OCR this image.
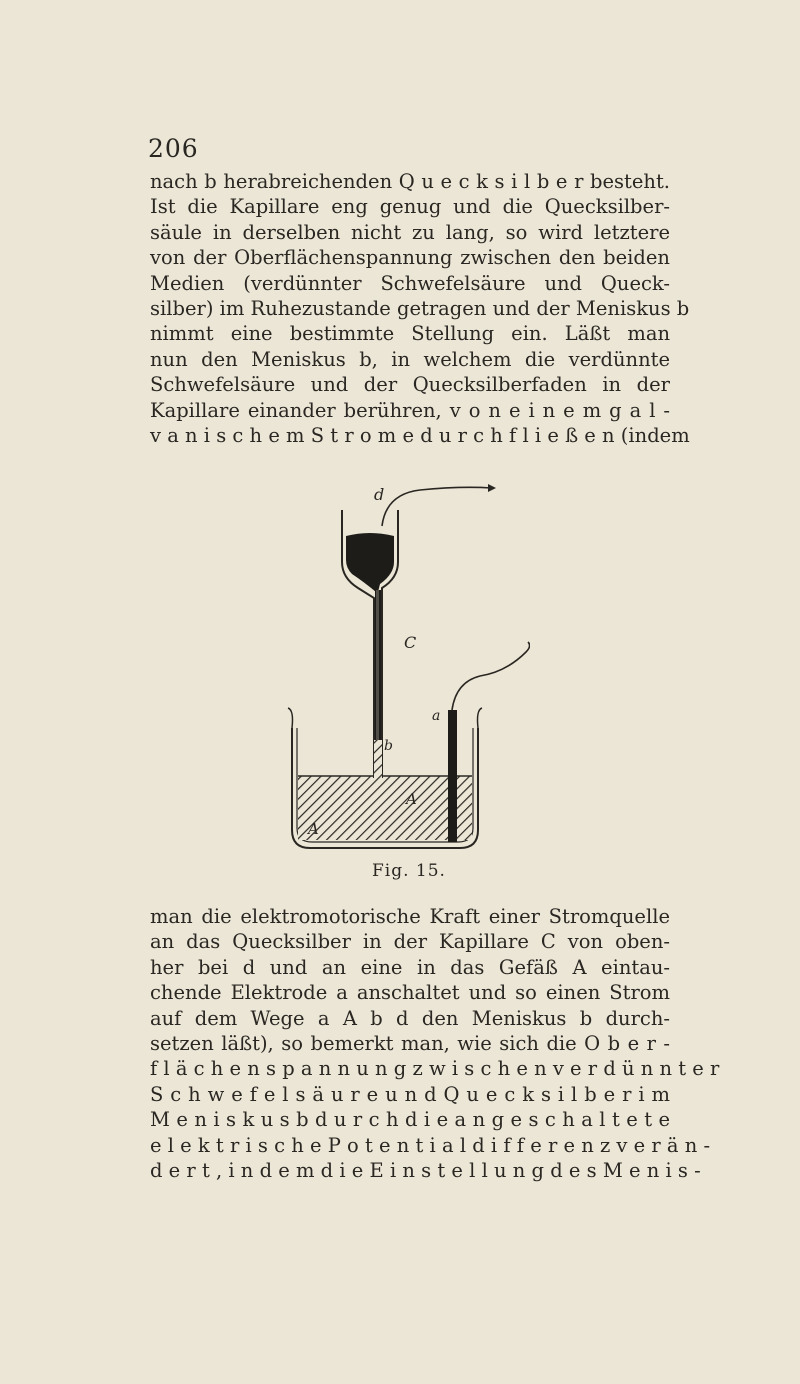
206
nach b herabreichenden Q u e c k s i l b e r besteht.
Ist die Kapillare eng genug und die Quecksilber-
säule in derselben nicht zu lang, so wird letztere
von der Oberflächenspannung zwischen den beiden
Medien (verdünnter Schwefelsäure und Queck-
silber) im Ruhezustande getragen und der Meniskus b
nimmt eine bestimmte Stellung ein. Läßt man
nun den Meniskus b, in welchem die verdünnte
Schwefelsäure und der Quecksilberfaden in der
Kapillare einander berühren, v o n e i n e m g a l -
v a n i s c h e m S t r o m e d u r c h f l i e ß e n (indem
d
C
a
b
A
A
Fig. 15.
man die elektromotorische Kraft einer Stromquelle
an das Quecksilber in der Kapillare C von oben-
her bei d und an eine in das Gefäß A eintau-
chende Elektrode a anschaltet und so einen Strom
auf dem Wege a A b d den Meniskus b durch-
setzen läßt), so bemerkt man, wie sich die O b e r -
f l ä c h e n s p a n n u n g z w i s c h e n v e r d ü n n t e r
S c h w e f e l s ä u r e u n d Q u e c k s i l b e r i m
M e n i s k u s b d u r c h d i e a n g e s c h a l t e t e
e l e k t r i s c h e P o t e n t i a l d i f f e r e n z v e r ä n -
d e r t , i n d e m d i e E i n s t e l l u n g d e s M e n i s -
